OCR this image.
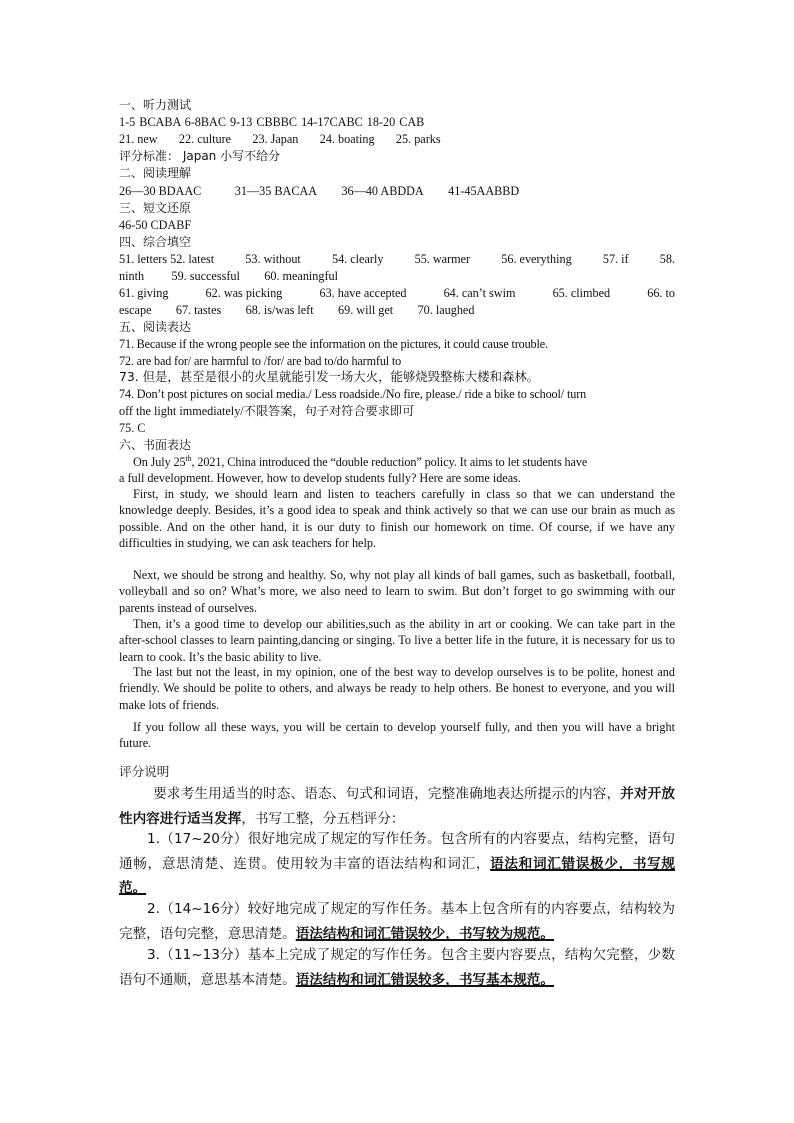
一、听力测试
1-5 BCABA 6-8BAC 9-13 CBBBC 14-17CABC 18-20 CAB
21. new 22. culture 23. Japan 24. boating 25. parks
评分标准： Japan 小写不给分
二、阅读理解
26—30 BDAAC	31—35 BACAA 36—40 ABDDA 41-45AABBD
三、短文还原
46-50 CDABF
四、综合填空
51. letters 52. latest	53. without	54. clearly	55. warmer	56. everything	57. if	58.
ninth 59. successful 60. meaningful
61. giving	62. was picking	63. have accepted	64. can’t swim	65. climbed	66. to
escape 67. tastes 68. is/was left 69. will get 70. laughed
五、阅读表达
71. Because if the wrong people see the information on the pictures, it could cause trouble.
72. are bad for/ are harmful to /for/ are bad to/do harmful to
73. 但是，甚至是很小的火星就能引发一场大火，能够烧毁整栋大楼和森林。
74. Don’t post pictures on social media./ Less roadside./No fire, please./ ride a bike to school/ turn
off the light immediately/不限答案，句子对符合要求即可
75. C
六、书面表达
On July 25th, 2021, China introduced the “double reduction” policy. It aims to let students have
a full development. However, how to develop students fully? Here are some ideas.
First, in study, we should learn and listen to teachers carefully in class so that we can understand the knowledge deeply. Besides, it’s a good idea to speak and think actively so that we can use our brain as much as possible. And on the other hand, it is our duty to finish our homework on time. Of course, if we have any difficulties in studying, we can ask teachers for help.
Next, we should be strong and healthy. So, why not play all kinds of ball games, such as basketball, football, volleyball and so on? What’s more, we also need to learn to swim. But don’t forget to go swimming with our parents instead of ourselves.
Then, it’s a good time to develop our abilities,such as the ability in art or cooking. We can take part in the after-school classes to learn painting,dancing or singing. To live a better life in the future, it is necessary for us to learn to cook. It’s the basic ability to live.
The last but not the least, in my opinion, one of the best way to develop ourselves is to be polite, honest and friendly. We should be polite to others, and always be ready to help others. Be honest to everyone, and you will make lots of friends.
If you follow all these ways, you will be certain to develop yourself fully, and then you will have a bright future.
评分说明
要求考生用适当的时态、语态、句式和词语，完整准确地表达所提示的内容，并对开放性内容进行适当发挥，书写工整，分五档评分：
1.（17~20分）很好地完成了规定的写作任务。包含所有的内容要点，结构完整，语句通畅，意思清楚、连贯。使用较为丰富的语法结构和词汇，语法和词汇错误极少，书写规范。
2.（14~16分）较好地完成了规定的写作任务。基本上包含所有的内容要点，结构较为完整，语句完整，意思清楚。语法结构和词汇错误较少，书写较为规范。
3.（11~13分）基本上完成了规定的写作任务。包含主要内容要点，结构欠完整，少数语句不通顺，意思基本清楚。语法结构和词汇错误较多，书写基本规范。
